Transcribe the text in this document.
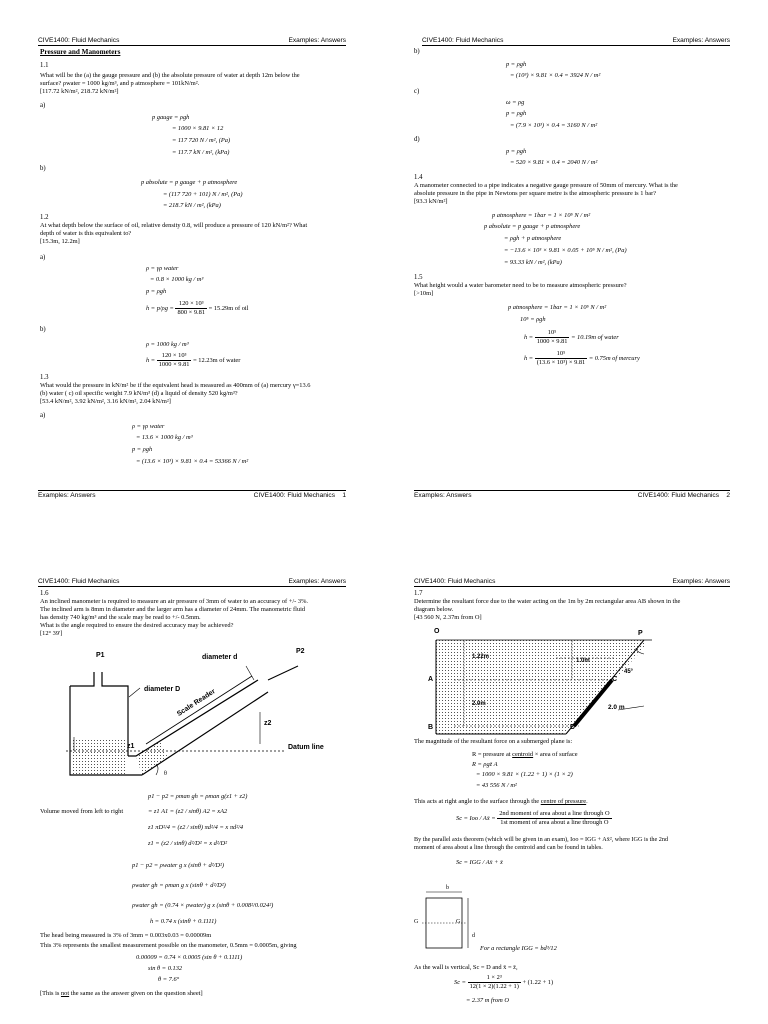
CIVE1400: Fluid Mechanics	Examples: Answers
Pressure and Manometers
1.1
What will be the (a) the gauge pressure and (b) the absolute pressure of water at depth 12m below the
surface? ρwater = 1000 kg/m³, and p atmosphere = 101kN/m².
[117.72 kN/m², 218.72 kN/m²]
a)
p gauge = ρgh
= 1000 × 9.81 × 12
= 117 720 N / m², (Pa)
= 117.7 kN / m², (kPa)
b)
p absolute = p gauge + p atmosphere
= (117 720 + 101) N / m², (Pa)
= 218.7 kN / m², (kPa)
1.2
At what depth below the surface of oil, relative density 0.8, will produce a pressure of 120 kN/m²? What
depth of water is this equivalent to?
[15.3m, 12.2m]
a)
ρ = γρ water
= 0.8 × 1000 kg / m³
p = ρgh
$h = p/\rho g = \frac{\text{120 × 10³}}{800 \times 9.81} = 15.29m$ of oil
b)
ρ = 1000 kg / m³
$h = \frac{\text{120 × 10³}}{1000 \times 9.81} = 12.23m$ of water
1.3
What would the pressure in kN/m² be if the equivalent head is measured as 400mm of (a) mercury γ=13.6
(b) water ( c) oil specific weight 7.9 kN/m³ (d) a liquid of density 520 kg/m³?
[53.4 kN/m², 3.92 kN/m², 3.16 kN/m², 2.04 kN/m²]
a)
ρ = γρ water
= 13.6 × 1000 kg / m³
p = ρgh
= (13.6 × 10³) × 9.81 × 0.4 = 53366 N / m²
Examples: Answers	CIVE1400: Fluid Mechanics 1
CIVE1400: Fluid Mechanics	Examples: Answers
b)
p = ρgh
= (10³) × 9.81 × 0.4 = 3924 N / m²
c)
ω = ρg
p = ρgh
= (7.9 × 10³) × 0.4 = 3160 N / m²
d)
p = ρgh
= 520 × 9.81 × 0.4 = 2040 N / m²
1.4
A manometer connected to a pipe indicates a negative gauge pressure of 50mm of mercury. What is the
absolute pressure in the pipe in Newtons per square metre is the atmospheric pressure is 1 bar?
[93.3 kN/m²]
p atmosphere = 1bar = 1 × 10⁵ N / m²
p absolute = p gauge + p atmosphere
= ρgh + p atmosphere
= −13.6 × 10³ × 9.81 × 0.05 + 10⁵ N / m², (Pa)
= 93.33 kN / m², (kPa)
1.5
What height would a water barometer need to be to measure atmospheric pressure?
[>10m]
p atmosphere = 1bar = 1 × 10⁵ N / m²
10⁵ = ρgh
$h = \frac{\text{10⁵}}{1000 \times 9.81} = 10.19m$ of water
$h = \frac{\text{10⁵}}{\text{(13.6 × 10³) × 9.81}} = 0.75m$ of mercury
Examples: Answers	CIVE1400: Fluid Mechanics 2
CIVE1400: Fluid Mechanics	Examples: Answers
1.6
An inclined manometer is required to measure an air pressure of 3mm of water to an accuracy of +/- 3%.
The inclined arm is 8mm in diameter and the larger arm has a diameter of 24mm. The manometric fluid
has density 740 kg/m³ and the scale may be read to +/- 0.5mm.
What is the angle required to ensure the desired accuracy may be achieved?
[12° 39']
P1	diameter d
P2
diameter D
Scale Reader
z2
Datum line
z1
θ
p1 − p2 = ρman gh = ρman g(z1 + z2)
Volume moved from left to right	= z1 A1 = (z2 / sinθ) A2 = xA2
z1 πD²/4 = (z2 / sinθ) πd²/4 = x πd²/4
z1 = (z2 / sinθ) d²/D² = x d²/D²
p1 − p2 = ρwater g x (sinθ + d²/D²)
ρwater gh = ρman g x (sinθ + d²/D²)
ρwater gh = (0.74 × ρwater) g x (sinθ + 0.008²/0.024²)
h = 0.74 x (sinθ + 0.1111)
The head being measured is 3% of 3mm = 0.003x0.03 = 0.00009m
This 3% represents the smallest measurement possible on the manometer, 0.5mm = 0.0005m, giving
0.00009 = 0.74 × 0.0005 (sin θ + 0.1111)
sin θ = 0.132
θ = 7.6°
[This is not the same as the answer given on the question sheet]
CIVE1400: Fluid Mechanics	Examples: Answers
1.7
Determine the resultant force due to the water acting on the 1m by 2m rectangular area AB shown in the
diagram below.
[43 560 N, 2.37m from O]
O	P
1.22m
1.0m
45°
A	C
2.0m	2.0 m
B	D
The magnitude of the resultant force on a submerged plane is:
R = pressure at centroid × area of surface
R = ρgz̄ A
= 1000 × 9.81 × (1.22 + 1) × (1 × 2)
= 43 556 N / m²
This acts at right angle to the surface through the centre of pressure.
Sc = Ioo / Ax̄ =
2nd moment of area about a line through O
1st moment of area about a line through O
By the parallel axis theorem (which will be given in an exam), Ioo = IGG + Ax̄², where IGG is the 2nd
moment of area about a line through the centroid and can be found in tables.
Sc = IGG / Ax̄ + x̄
b
G	G
d
For a rectangle IGG = bd³/12
As the wall is vertical, Sc = D and x̄ = z̄,
$Sc = \frac{\text{1 × 2³}}{12(1 \times 2)(1.22 + 1)} + (1.22 + 1)$
= 2.37 m from O
